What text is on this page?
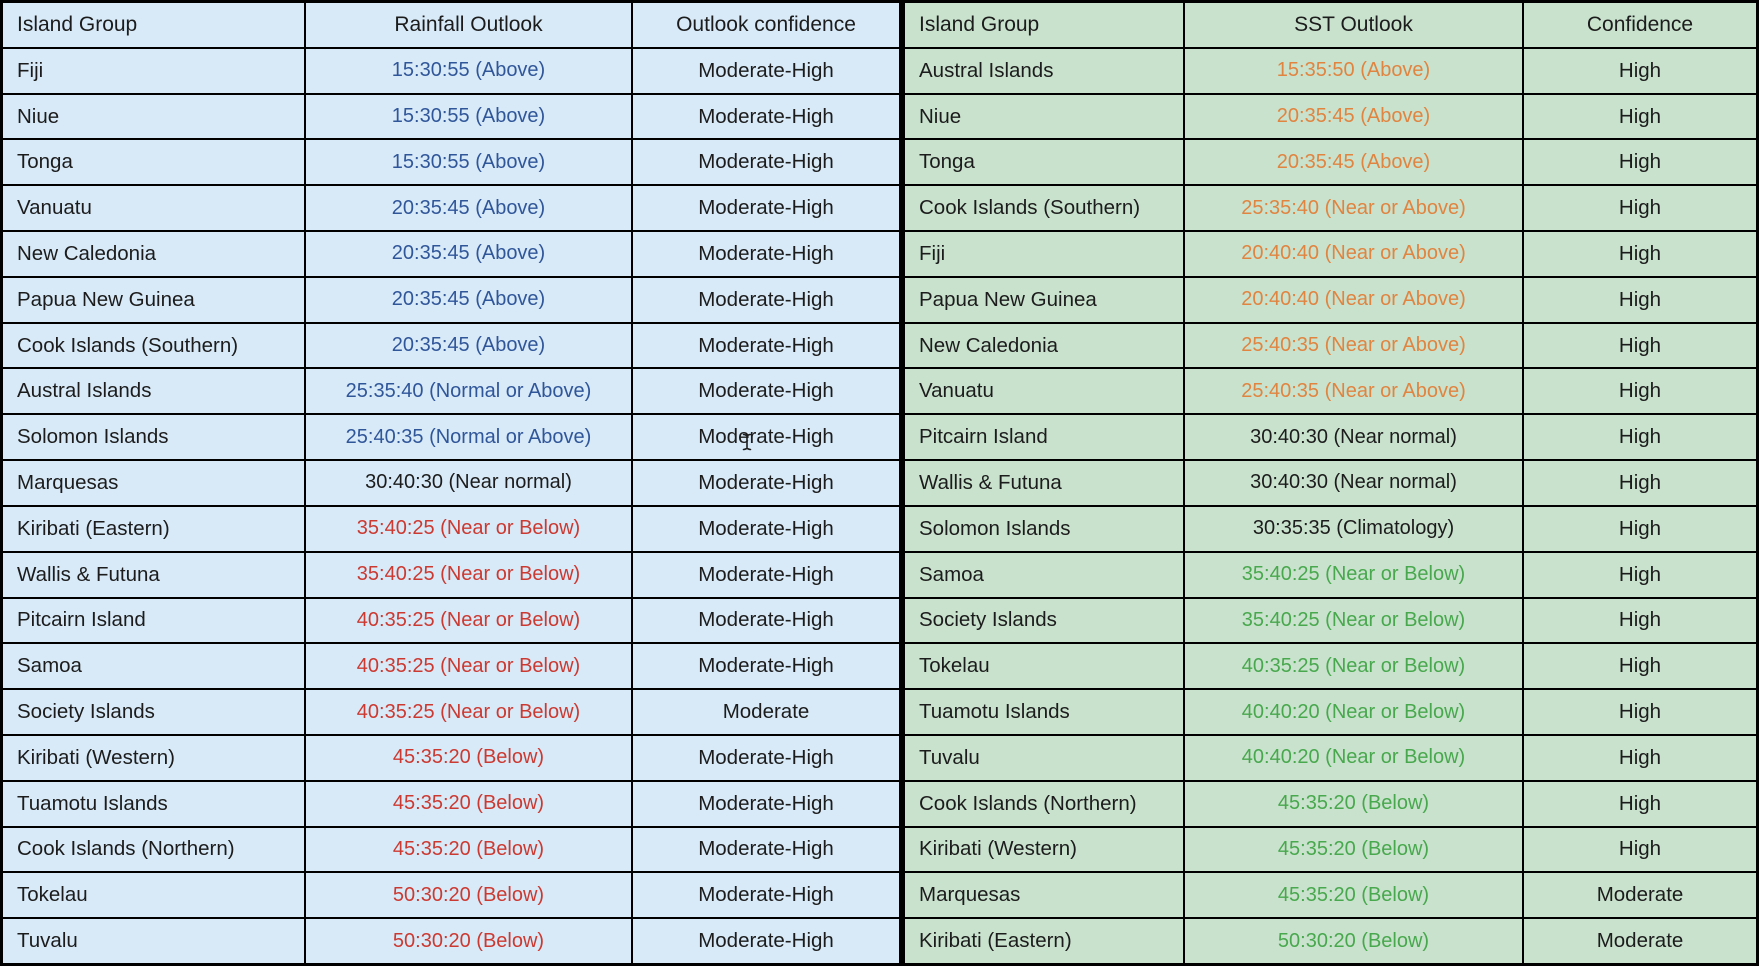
Island Group	Rainfall Outlook	Outlook confidence
Fiji	15:30:55 (Above)	Moderate-High
Niue	15:30:55 (Above)	Moderate-High
Tonga	15:30:55 (Above)	Moderate-High
Vanuatu	20:35:45 (Above)	Moderate-High
New Caledonia	20:35:45 (Above)	Moderate-High
Papua New Guinea	20:35:45 (Above)	Moderate-High
Cook Islands (Southern)	20:35:45 (Above)	Moderate-High
Austral Islands	25:35:40 (Normal or Above)	Moderate-High
Solomon Islands	25:40:35 (Normal or Above)	Moderate-High
Marquesas	30:40:30 (Near normal)	Moderate-High
Kiribati (Eastern)	35:40:25 (Near or Below)	Moderate-High
Wallis & Futuna	35:40:25 (Near or Below)	Moderate-High
Pitcairn Island	40:35:25 (Near or Below)	Moderate-High
Samoa	40:35:25 (Near or Below)	Moderate-High
Society Islands	40:35:25 (Near or Below)	Moderate
Kiribati (Western)	45:35:20 (Below)	Moderate-High
Tuamotu Islands	45:35:20 (Below)	Moderate-High
Cook Islands (Northern)	45:35:20 (Below)	Moderate-High
Tokelau	50:30:20 (Below)	Moderate-High
Tuvalu	50:30:20 (Below)	Moderate-High
Island Group	SST Outlook	Confidence
Austral Islands	15:35:50 (Above)	High
Niue	20:35:45 (Above)	High
Tonga	20:35:45 (Above)	High
Cook Islands (Southern)	25:35:40 (Near or Above)	High
Fiji	20:40:40 (Near or Above)	High
Papua New Guinea	20:40:40 (Near or Above)	High
New Caledonia	25:40:35 (Near or Above)	High
Vanuatu	25:40:35 (Near or Above)	High
Pitcairn Island	30:40:30 (Near normal)	High
Wallis & Futuna	30:40:30 (Near normal)	High
Solomon Islands	30:35:35 (Climatology)	High
Samoa	35:40:25 (Near or Below)	High
Society Islands	35:40:25 (Near or Below)	High
Tokelau	40:35:25 (Near or Below)	High
Tuamotu Islands	40:40:20 (Near or Below)	High
Tuvalu	40:40:20 (Near or Below)	High
Cook Islands (Northern)	45:35:20 (Below)	High
Kiribati (Western)	45:35:20 (Below)	High
Marquesas	45:35:20 (Below)	Moderate
Kiribati (Eastern)	50:30:20 (Below)	Moderate
